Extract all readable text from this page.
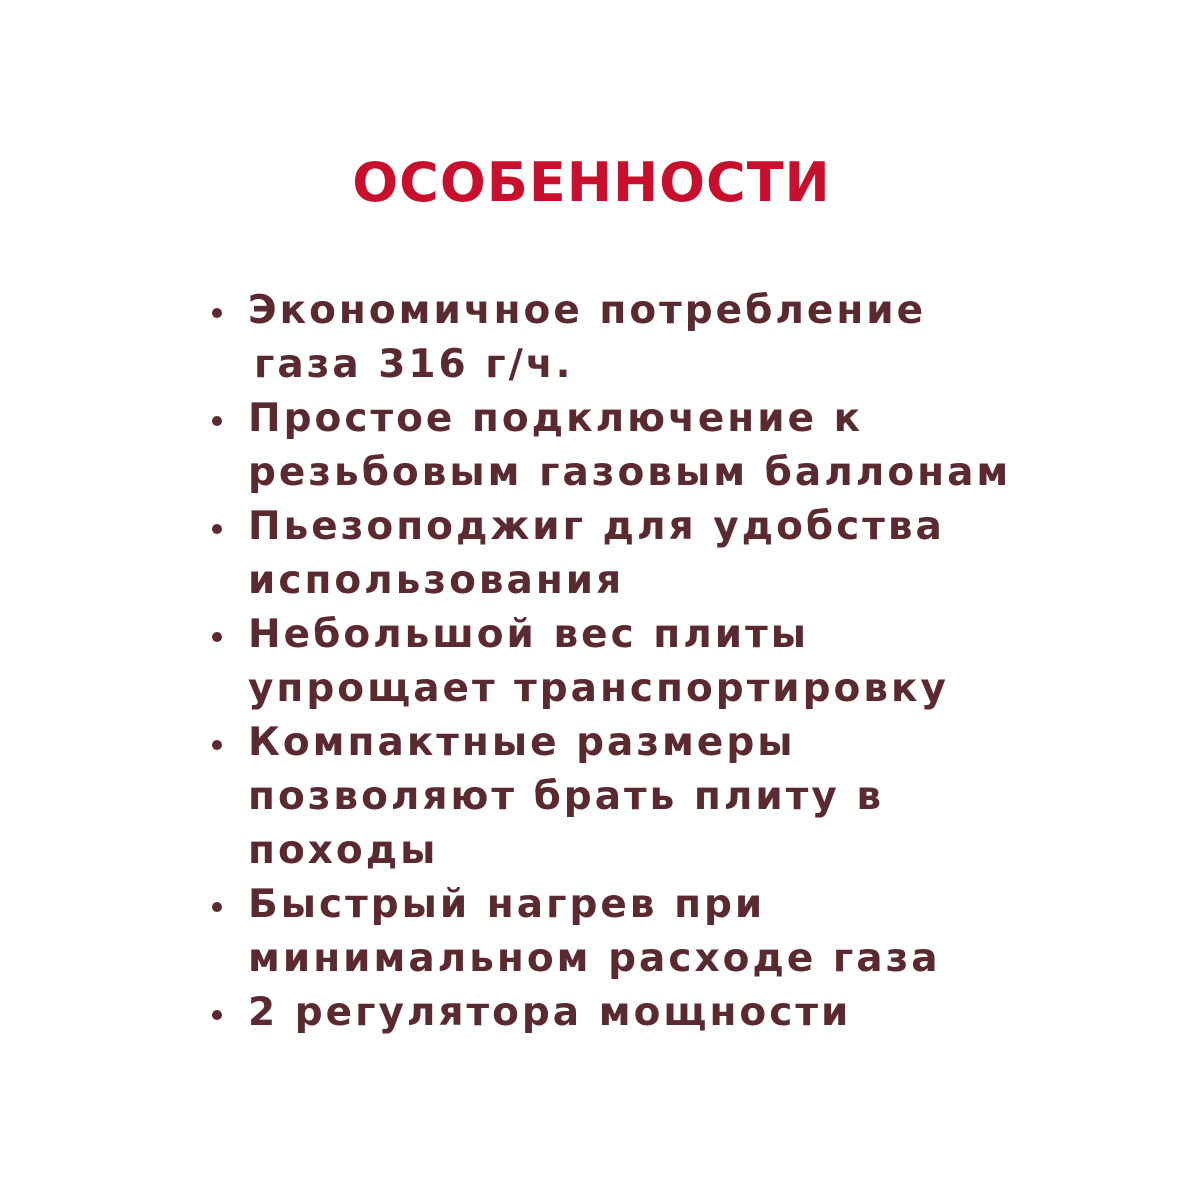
ОСОБЕННОСТИ
Экономичное потребление
газа 316 г/ч.
Простое подключение к
резьбовым газовым баллонам
Пьезоподжиг для удобства
использования
Небольшой вес плиты
упрощает транспортировку
Компактные размеры
позволяют брать плиту в
походы
Быстрый нагрев при
минимальном расходе газа
2 регулятора мощности
